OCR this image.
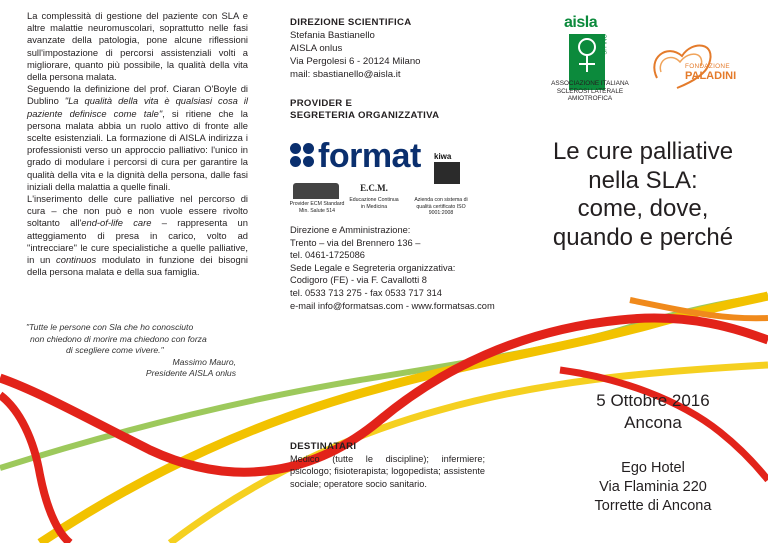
La complessità di gestione del paziente con SLA e altre malattie neuromuscolari, soprattutto nelle fasi avanzate della patologia, pone alcune riflessioni sull'impostazione di percorsi assistenziali volti a migliorare, quanto più possibile, la qualità della vita della persona malata.

Seguendo la definizione del prof. Ciaran O'Boyle di Dublino "La qualità della vita è qualsiasi cosa il paziente definisce come tale", si ritiene che la persona malata abbia un ruolo attivo di fronte alle scelte esistenziali. La formazione di AISLA indirizza i professionisti verso un approccio palliativo: l'unico in grado di modulare i percorsi di cura per garantire la qualità della vita e la dignità della persona, dalle fasi iniziali della malattia a quelle finali.

L'inserimento delle cure palliative nel percorso di cura – che non può e non vuole essere rivolto soltanto all'end-of-life care – rappresenta un atteggiamento di presa in carico, volto ad "intrecciare" le cure specialistiche a quelle palliative, in un continuos modulato in funzione dei bisogni della persona malata e della sua famiglia.

"Tutte le persone con Sla che ho conosciuto
non chiedono di morire ma chiedono con forza
di scegliere come vivere."
Massimo Mauro,
Presidente AISLA onlus
DIREZIONE SCIENTIFICA
Stefania Bastianello
AISLA onlus
Via Pergolesi 6 - 20124 Milano
mail: sbastianello@aisla.it
PROVIDER E
SEGRETERIA ORGANIZZATIVA
format kiwa
Provider ECM Standard Min. Salute 514
E.C.M.
Educazione Continua in Medicina
Azienda con sistema di qualità certificato ISO 9001:2008
Direzione e Amministrazione:
Trento – via del Brennero 136 –
tel. 0461-1725086
Sede Legale e Segreteria organizzativa:
Codigoro (FE) - via F. Cavallotti 8
tel. 0533 713 275 - fax 0533 717 314
e-mail info@formatsas.com - www.formatsas.com
DESTINATARI
Medico (tutte le discipline); infermiere; psicologo; fisioterapista; logopedista; assistente sociale; operatore socio sanitario.
aisla
ONLUS
ASSOCIAZIONE ITALIANA
SCLEROSI LATERALE AMIOTROFICA
FONDAZIONE
PALADINI
Le cure palliative
nella SLA:
come, dove,
quando e perché
5 Ottobre 2016
Ancona
Ego Hotel
Via Flaminia 220
Torrette di Ancona
